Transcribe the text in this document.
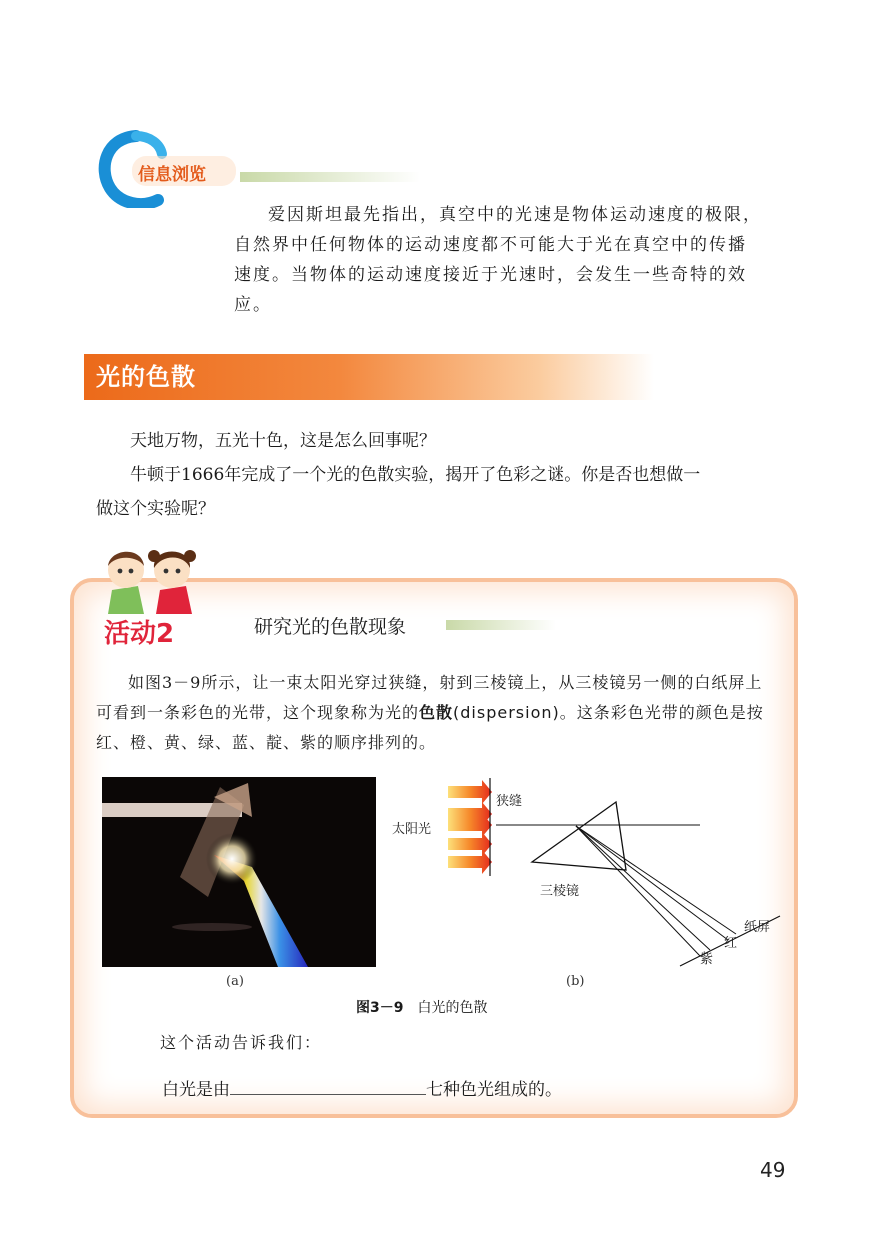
信息浏览

爱因斯坦最先指出，真空中的光速是物体运动速度的极限，

自然界中任何物体的运动速度都不可能大于光在真空中的传播

速度。当物体的运动速度接近于光速时，会发生一些奇特的效

应。

光的色散

天地万物，五光十色，这是怎么回事呢？

牛顿于1666年完成了一个光的色散实验，揭开了色彩之谜。你是否也想做一

做这个实验呢？

活动2	研究光的色散现象
如图3－9所示，让一束太阳光穿过狭缝，射到三棱镜上，从三棱镜另一侧的白纸屏上可看到一条彩色的光带，这个现象称为光的色散(dispersion)。这条彩色光带的颜色是按红、橙、黄、绿、蓝、靛、紫的顺序排列的。
狭缝
太阳光
三棱镜
纸屏
紫
红
(a)	(b)
图3－9 白光的色散
这个活动告诉我们：
白光是由	七种色光组成的。
49
